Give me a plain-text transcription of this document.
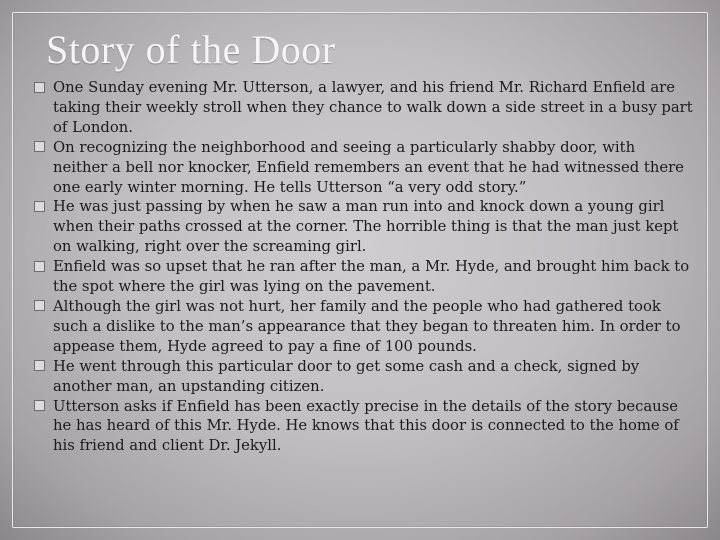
Story of the Door
One Sunday evening Mr. Utterson, a lawyer, and his friend Mr. Richard Enfield are taking their weekly stroll when they chance to walk down a side street in a busy part of London.
On recognizing the neighborhood and seeing a particularly shabby door, with neither a bell nor knocker, Enfield remembers an event that he had witnessed there one early winter morning. He tells Utterson “a very odd story.”
He was just passing by when he saw a man run into and knock down a young girl when their paths crossed at the corner. The horrible thing is that the man just kept on walking, right over the screaming girl.
Enfield was so upset that he ran after the man, a Mr. Hyde, and brought him back to the spot where the girl was lying on the pavement.
Although the girl was not hurt, her family and the people who had gathered took such a dislike to the man’s appearance that they began to threaten him. In order to appease them, Hyde agreed to pay a fine of 100 pounds.
He went through this particular door to get some cash and a check, signed by another man, an upstanding citizen.
Utterson asks if Enfield has been exactly precise in the details of the story because he has heard of this Mr. Hyde. He knows that this door is connected to the home of his friend and client Dr. Jekyll.
